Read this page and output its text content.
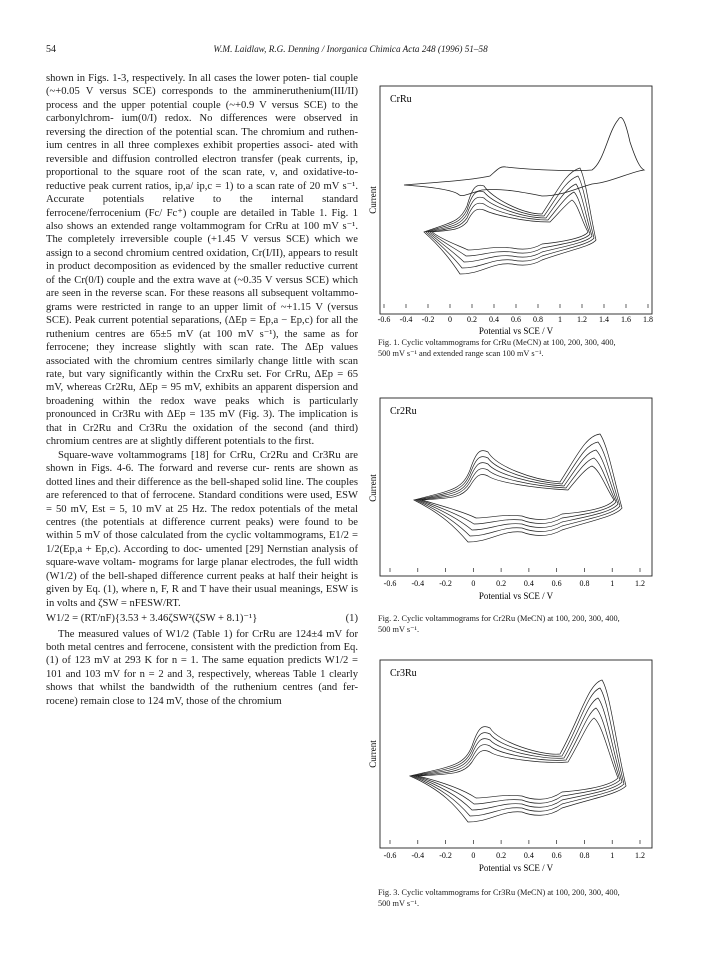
54	W.M. Laidlaw, R.G. Denning / Inorganica Chimica Acta 248 (1996) 51–58

shown in Figs. 1-3, respectively. In all cases the lower poten- tial couple (~+0.05 V versus SCE) corresponds to the ammineruthenium(III/II) process and the upper potential couple (~+0.9 V versus SCE) to the carbonylchrom- ium(0/I) redox. No differences were observed in reversing the direction of the potential scan. The chromium and ruthen- ium centres in all three complexes exhibit properties associ- ated with reversible and diffusion controlled electron transfer (peak currents, ip, proportional to the square root of the scan rate, ν, and oxidative-to-reductive peak current ratios, ip,a/ ip,c = 1) to a scan rate of 20 mV s⁻¹. Accurate potentials relative to the internal standard ferrocene/ferrocenium (Fc/ Fc⁺) couple are detailed in Table 1. Fig. 1 also shows an extended range voltammogram for CrRu at 100 mV s⁻¹. The completely irreversible couple (+1.45 V versus SCE) which we assign to a second chromium centred oxidation, Cr(I/II), appears to result in product decomposition as evidenced by the smaller reductive current of the Cr(0/I) couple and the extra wave at (~0.35 V versus SCE) which are seen in the reverse scan. For these reasons all subsequent voltammo- grams were restricted in range to an upper limit of ~+1.15 V (versus SCE). Peak current potential separations, (ΔEp = Ep,a − Ep,c) for all the ruthenium centres are 65±5 mV (at 100 mV s⁻¹), the same as for ferrocene; they increase slightly with scan rate. The ΔEp values associated with the chromium centres similarly change little with scan rate, but vary significantly within the CrxRu set. For CrRu, ΔEp = 65 mV, whereas Cr2Ru, ΔEp = 95 mV, exhibits an apparent dispersion and broadening within the redox wave peaks which is particularly pronounced in Cr3Ru with ΔEp = 135 mV (Fig. 3). The implication is that in Cr2Ru and Cr3Ru the oxidation of the second (and third) chromium centres are at slightly different potentials to the first.

Square-wave voltammograms [18] for CrRu, Cr2Ru and Cr3Ru are shown in Figs. 4-6. The forward and reverse cur- rents are shown as dotted lines and their difference as the bell-shaped solid line. The couples are referenced to that of ferrocene. Standard conditions were used, ESW = 50 mV, Est = 5, 10 mV at 25 Hz. The redox potentials of the metal centres (the potentials at difference current peaks) were found to be within 5 mV of those calculated from the cyclic voltammograms, E1/2 = 1/2(Ep,a + Ep,c). According to doc- umented [29] Nernstian analysis of square-wave voltam- mograms for large planar electrodes, the full width (W1/2) of the bell-shaped difference current peaks at half their height is given by Eq. (1), where n, F, R and T have their usual meanings, ESW is in volts and ζSW = nFESW/RT.

W1/2 = (RT/nF){3.53 + 3.46ζSW²(ζSW + 8.1)⁻¹}	(1)

The measured values of W1/2 (Table 1) for CrRu are 124±4 mV for both metal centres and ferrocene, consistent with the prediction from Eq. (1) of 123 mV at 293 K for n = 1. The same equation predicts W1/2 = 101 and 103 mV for n = 2 and 3, respectively, whereas Table 1 clearly shows that whilst the bandwidth of the ruthenium centres (and fer- rocene) remain close to 124 mV, those of the chromium

CrRu
Current
-0.6 -0.4 -0.2 0 0.2 0.4 0.6 0.8 1 1.2 1.4 1.6 1.8
Potential vs SCE / V
Fig. 1. Cyclic voltammograms for CrRu (MeCN) at 100, 200, 300, 400,
500 mV s⁻¹ and extended range scan 100 mV s⁻¹.
Cr2Ru
Current
-0.6 -0.4 -0.2 0	0.2 0.4 0.6 0.8	1	1.2
Potential vs SCE / V
Fig. 2. Cyclic voltammograms for Cr2Ru (MeCN) at 100, 200, 300, 400,
500 mV s⁻¹.
Cr3Ru
Current
-0.6 -0.4 -0.2 0	0.2 0.4 0.6 0.8	1	1.2
Potential vs SCE / V
Fig. 3. Cyclic voltammograms for Cr3Ru (MeCN) at 100, 200, 300, 400,
500 mV s⁻¹.
